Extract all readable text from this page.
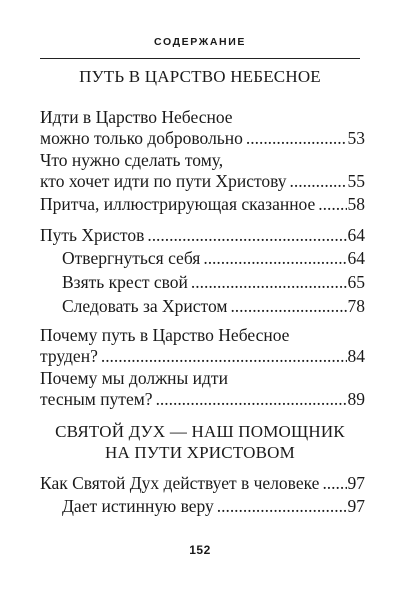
СОДЕРЖАНИЕ
ПУТЬ В ЦАРСТВО НЕБЕСНОЕ
Идти в Царство Небесное
можно только добровольно . . .	53
Что нужно сделать тому,
кто хочет идти по пути Христову . . .	55
Притча, иллюстрирующая сказанное . . . 58
Путь Христов . . .	64
Отвергнуться себя . . .	64
Взять крест свой . . .	65
Следовать за Христом . . .	78
Почему путь в Царство Небесное
труден? . . .	84
Почему мы должны идти
тесным путем? . . .	89
СВЯТОЙ ДУХ — НАШ ПОМОЩНИК
НА ПУТИ ХРИСТОВОМ
Как Святой Дух действует в человеке . . . 97
Дает истинную веру . . .	97
152
